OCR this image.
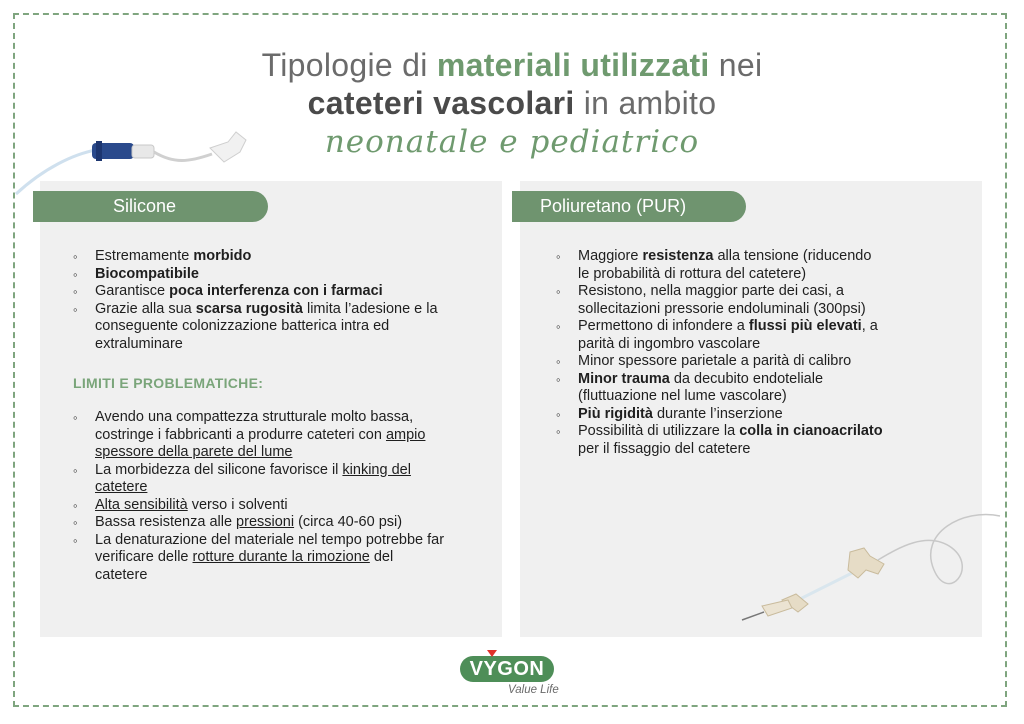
Tipologie di materiali utilizzati nei
cateteri vascolari in ambito
neonatale e pediatrico
Silicone	Poliuretano (PUR)
◦ Estremamente morbido
◦ Biocompatibile
◦ Garantisce poca interferenza con i farmaci
◦ Grazie alla sua scarsa rugosità limita l’adesione e la conseguente colonizzazione batterica intra ed extraluminare
LIMITI E PROBLEMATICHE:
◦ Avendo una compattezza strutturale molto bassa, costringe i fabbricanti a produrre cateteri con ampio spessore della parete del lume
◦ La morbidezza del silicone favorisce il kinking del catetere
◦ Alta sensibilità verso i solventi
◦ Bassa resistenza alle pressioni (circa 40-60 psi)
◦ La denaturazione del materiale nel tempo potrebbe far verificare delle rotture durante la rimozione del catetere
◦ Maggiore resistenza alla tensione (riducendo le probabilità di rottura del catetere)
◦ Resistono, nella maggior parte dei casi, a sollecitazioni pressorie endoluminali (300psi)
◦ Permettono di infondere a flussi più elevati, a parità di ingombro vascolare
◦ Minor spessore parietale a parità di calibro
◦ Minor trauma da decubito endoteliale (fluttuazione nel lume vascolare)
◦ Più rigidità durante l’inserzione
◦ Possibilità di utilizzare la colla in cianoacrilato per il fissaggio del catetere
VYGON
Value Life
